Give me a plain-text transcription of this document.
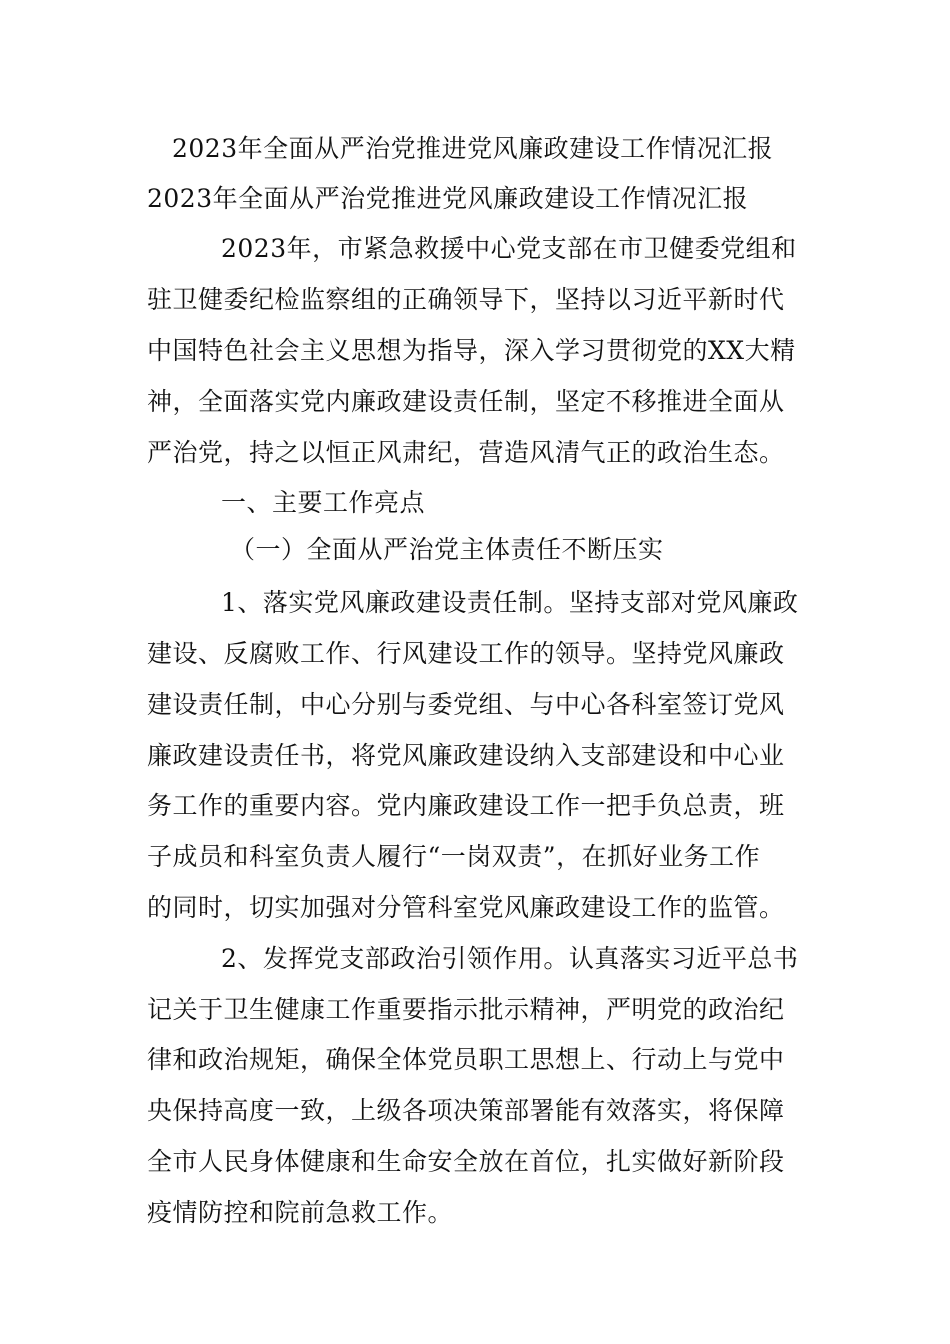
2023年全面从严治党推进党风廉政建设工作情况汇报
2023年全面从严治党推进党风廉政建设工作情况汇报
2023年，市紧急救援中心党支部在市卫健委党组和
驻卫健委纪检监察组的正确领导下，坚持以习近平新时代
中国特色社会主义思想为指导，深入学习贯彻党的XX大精
神，全面落实党内廉政建设责任制，坚定不移推进全面从
严治党，持之以恒正风肃纪，营造风清气正的政治生态。
一、主要工作亮点
（一）全面从严治党主体责任不断压实
1、落实党风廉政建设责任制。坚持支部对党风廉政
建设、反腐败工作、行风建设工作的领导。坚持党风廉政
建设责任制，中心分别与委党组、与中心各科室签订党风
廉政建设责任书，将党风廉政建设纳入支部建设和中心业
务工作的重要内容。党内廉政建设工作一把手负总责，班
子成员和科室负责人履行“一岗双责”，在抓好业务工作
的同时，切实加强对分管科室党风廉政建设工作的监管。
2、发挥党支部政治引领作用。认真落实习近平总书
记关于卫生健康工作重要指示批示精神，严明党的政治纪
律和政治规矩，确保全体党员职工思想上、行动上与党中
央保持高度一致，上级各项决策部署能有效落实，将保障
全市人民身体健康和生命安全放在首位，扎实做好新阶段
疫情防控和院前急救工作。
